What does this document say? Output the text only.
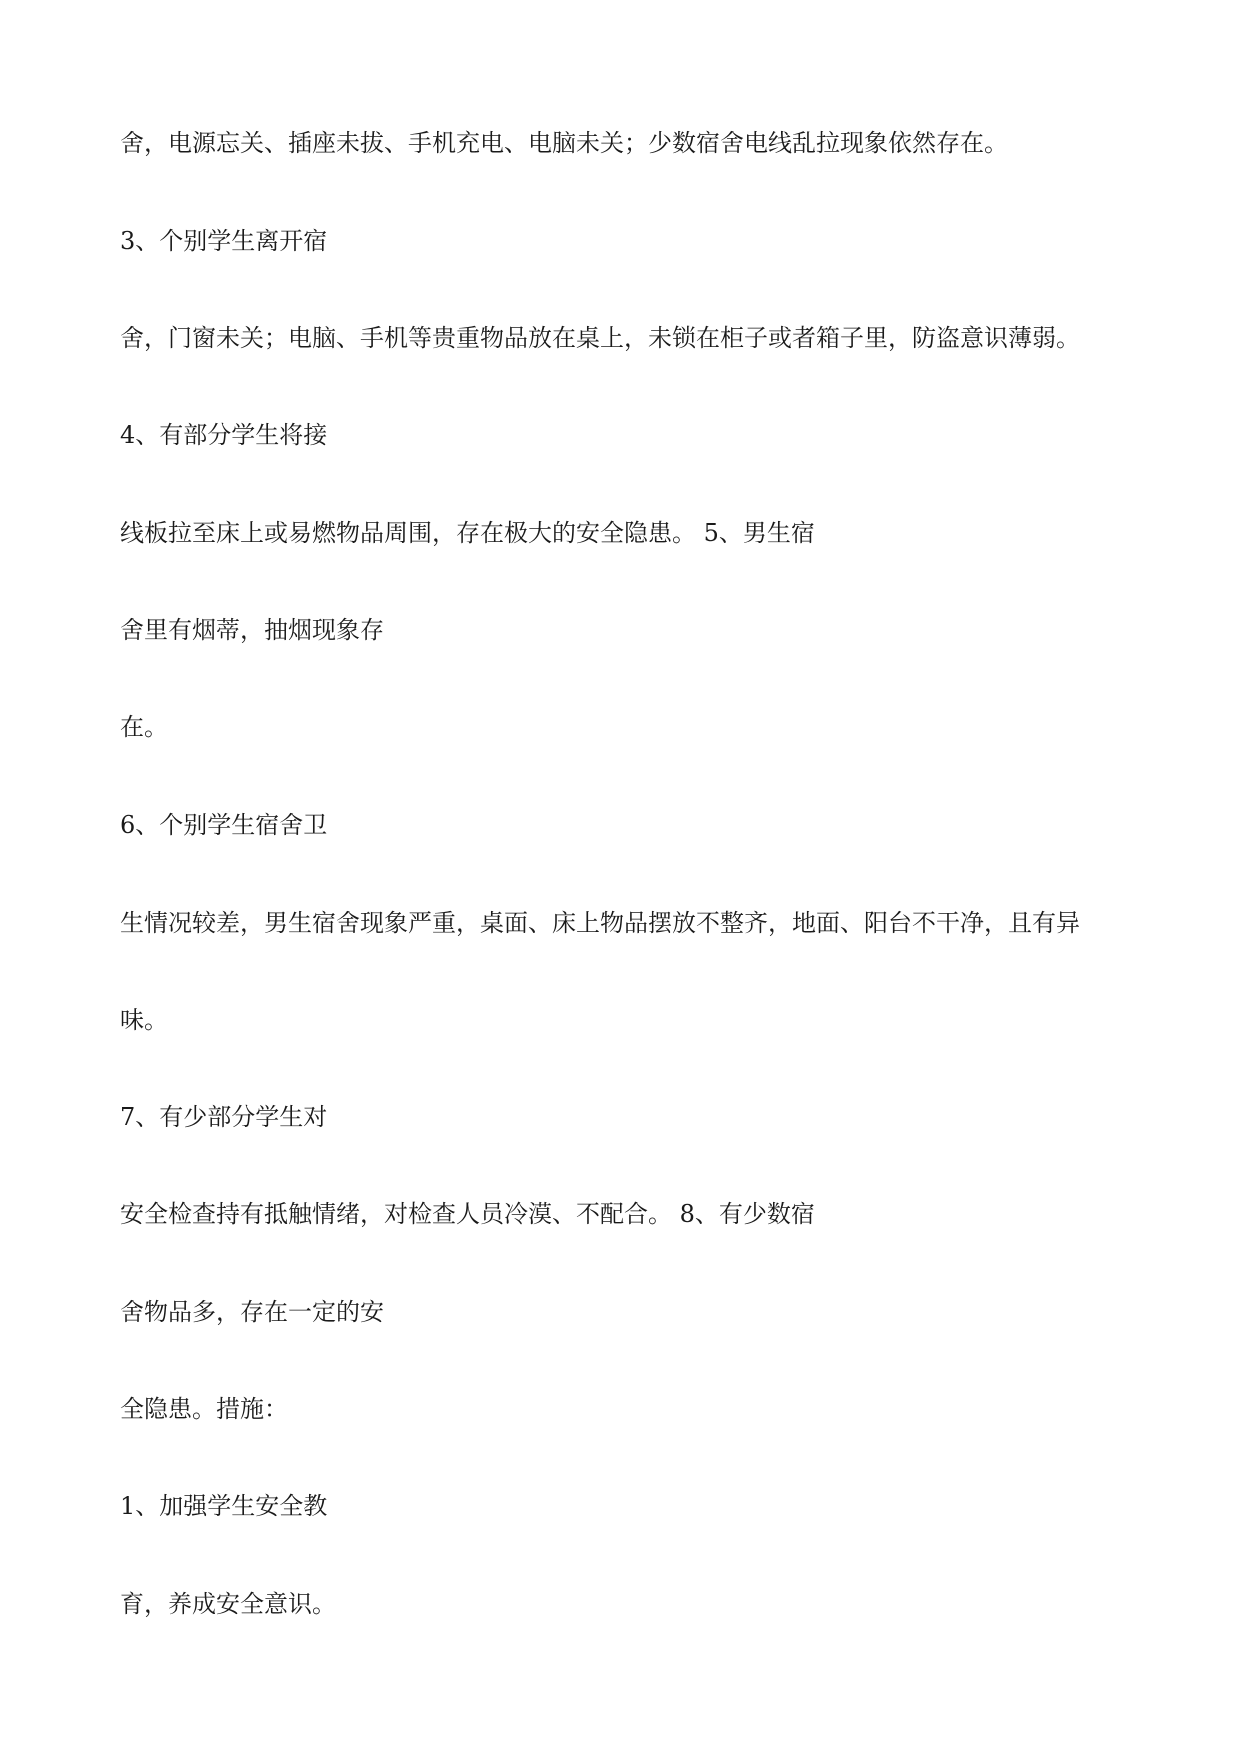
舍，电源忘关、插座未拔、手机充电、电脑未关；少数宿舍电线乱拉现象依然存在。

3、个别学生离开宿

舍，门窗未关；电脑、手机等贵重物品放在桌上，未锁在柜子或者箱子里，防盗意识薄弱。

4、有部分学生将接

线板拉至床上或易燃物品周围，存在极大的安全隐患。 5、男生宿

舍里有烟蒂，抽烟现象存

在。

6、个别学生宿舍卫

生情况较差，男生宿舍现象严重，桌面、床上物品摆放不整齐，地面、阳台不干净，且有异

味。

7、有少部分学生对

安全检查持有抵触情绪，对检查人员冷漠、不配合。 8、有少数宿

舍物品多，存在一定的安

全隐患。措施：

1、加强学生安全教

育，养成安全意识。
